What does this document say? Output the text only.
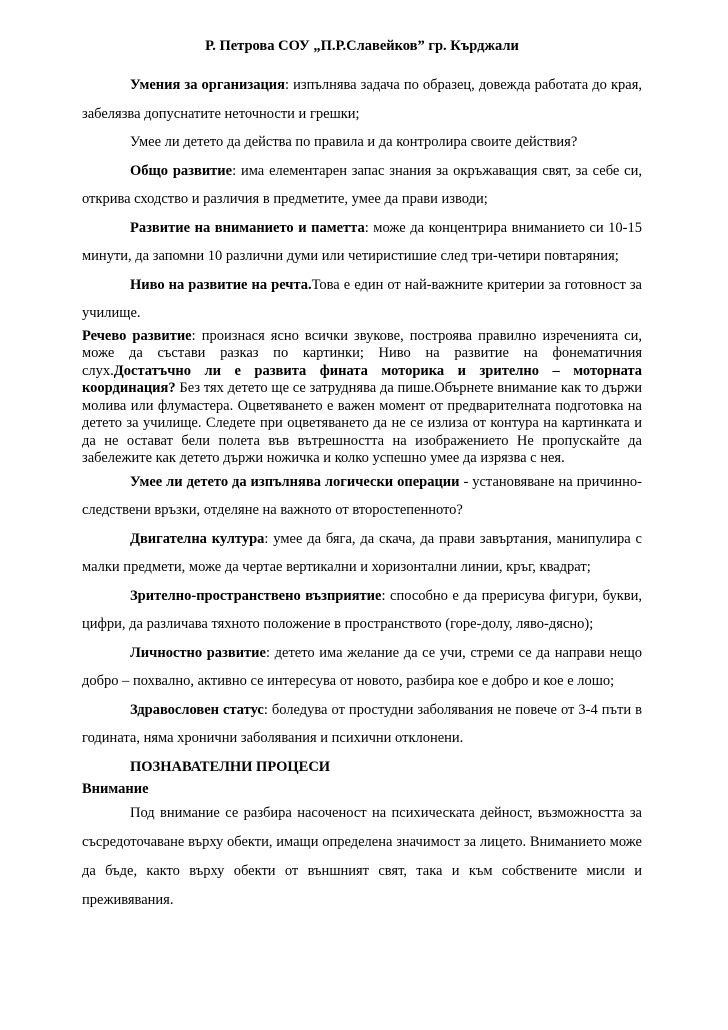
Р. Петрова СОУ „П.Р.Славейков” гр. Кърджали

Умения за организация: изпълнява задача по образец, довежда работата до края, забелязва допуснатите неточности и грешки;

Умее ли детето да действа по правила и да контролира своите действия?

Общо развитие: има елементарен запас знания за окръжаващия свят, за себе си, открива сходство и различия в предметите, умее да прави изводи;

Развитие на вниманието и паметта: може да концентрира вниманието си 10-15 минути, да запомни 10 различни думи или четиристишие след три-четири повтаряния;

Ниво на развитие на речта.Това е един от най-важните критерии за готовност за училище.

Речево развитие: произнася ясно всички звукове, построява правилно изреченията си, може да състави разказ по картинки; Ниво на развитие на фонематичния слух.Достатъчно ли е развита фината моторика и зрително – моторната координация? Без тях детето ще се затруднява да пише.Обърнете внимание как то държи молива или флумастера. Оцветяването е важен момент от предварителната подготовка на детето за училище. Следете при оцветяването да не се излиза от контура на картинката и да не остават бели полета във вътрешността на изображението Не пропускайте да забележите как детето държи ножичка и колко успешно умее да изрязва с нея.

Умее ли детето да изпълнява логически операции - установяване на причинно-следствени връзки, отделяне на важното от второстепенното?

Двигателна култура: умее да бяга, да скача, да прави завъртания, манипулира с малки предмети, може да чертае вертикални и хоризонтални линии, кръг, квадрат;

Зрително-пространствено възприятие: способно е да прерисува фигури, букви, цифри, да различава тяхното положение в пространството (горе-долу, ляво-дясно);

Личностно развитие: детето има желание да се учи, стреми се да направи нещо добро – похвално, активно се интересува от новото, разбира кое е добро и кое е лошо;

Здравословен статус: боледува от простудни заболявания не повече от 3-4 пъти в годината, няма хронични заболявания и психични отклонени.

ПОЗНАВАТЕЛНИ ПРОЦЕСИ

Внимание

Под внимание се разбира насоченост на психическата дейност, възможността за съсредоточаване върху обекти, имащи определена значимост за лицето. Вниманието може да бъде, както върху обекти от външният свят, така и към собствените мисли и преживявания.
